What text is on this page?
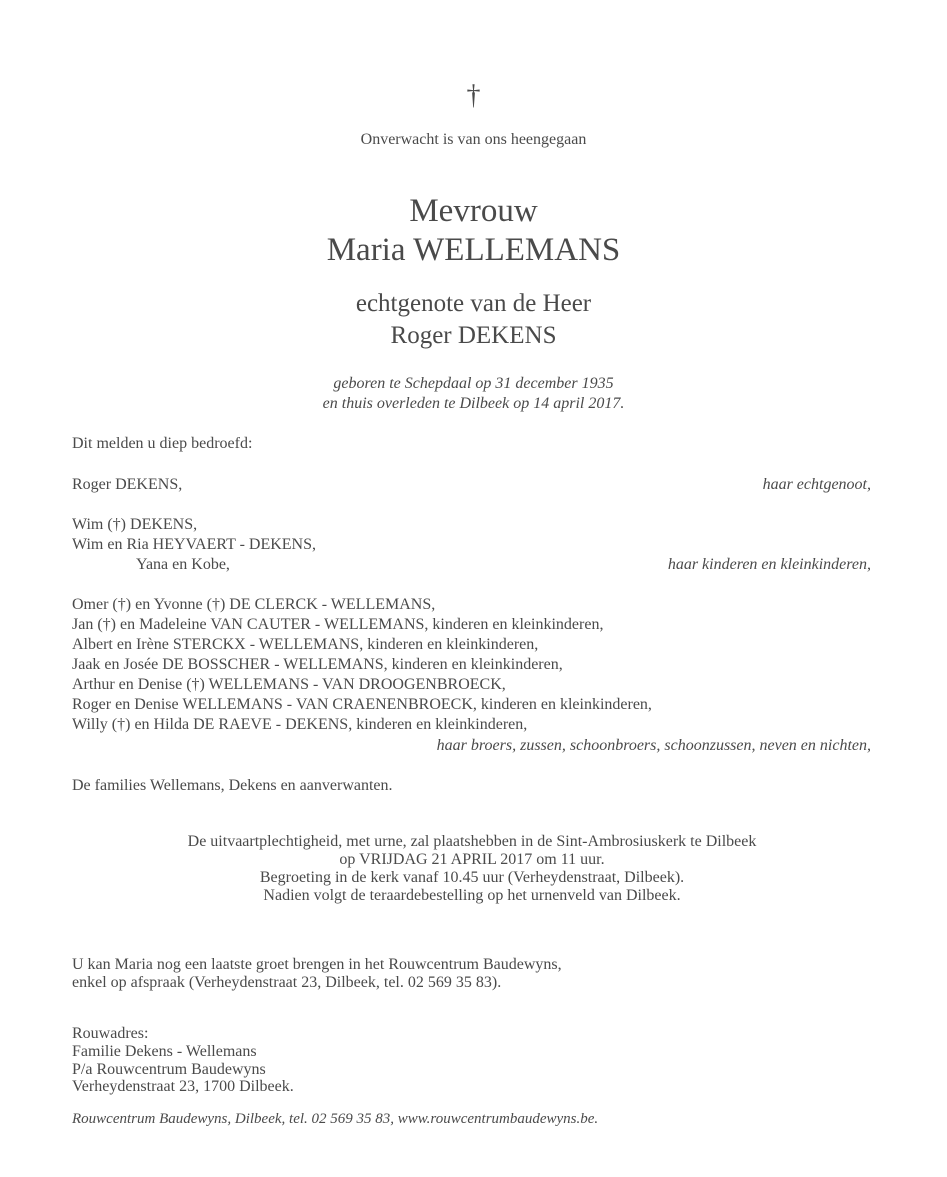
†
Onverwacht is van ons heengegaan
Mevrouw
Maria WELLEMANS
echtgenote van de Heer
Roger DEKENS
geboren te Schepdaal op 31 december 1935
en thuis overleden te Dilbeek op 14 april 2017.
Dit melden u diep bedroefd:
Roger DEKENS,	haar echtgenoot,
Wim (†) DEKENS,
Wim en Ria HEYVAERT - DEKENS,
Yana en Kobe,	haar kinderen en kleinkinderen,
Omer (†) en Yvonne (†) DE CLERCK - WELLEMANS,
Jan (†) en Madeleine VAN CAUTER - WELLEMANS, kinderen en kleinkinderen,
Albert en Irène STERCKX - WELLEMANS, kinderen en kleinkinderen,
Jaak en Josée DE BOSSCHER - WELLEMANS, kinderen en kleinkinderen,
Arthur en Denise (†) WELLEMANS - VAN DROOGENBROECK,
Roger en Denise WELLEMANS - VAN CRAENENBROECK, kinderen en kleinkinderen,
Willy (†) en Hilda DE RAEVE - DEKENS, kinderen en kleinkinderen,
haar broers, zussen, schoonbroers, schoonzussen, neven en nichten,
De families Wellemans, Dekens en aanverwanten.
De uitvaartplechtigheid, met urne, zal plaatshebben in de Sint-Ambrosiuskerk te Dilbeek
op VRIJDAG 21 APRIL 2017 om 11 uur.
Begroeting in de kerk vanaf 10.45 uur (Verheydenstraat, Dilbeek).
Nadien volgt de teraardebestelling op het urnenveld van Dilbeek.
U kan Maria nog een laatste groet brengen in het Rouwcentrum Baudewyns,
enkel op afspraak (Verheydenstraat 23, Dilbeek, tel. 02 569 35 83).
Rouwadres:
Familie Dekens - Wellemans
P/a Rouwcentrum Baudewyns
Verheydenstraat 23, 1700 Dilbeek.
Rouwcentrum Baudewyns, Dilbeek, tel. 02 569 35 83, www.rouwcentrumbaudewyns.be.
